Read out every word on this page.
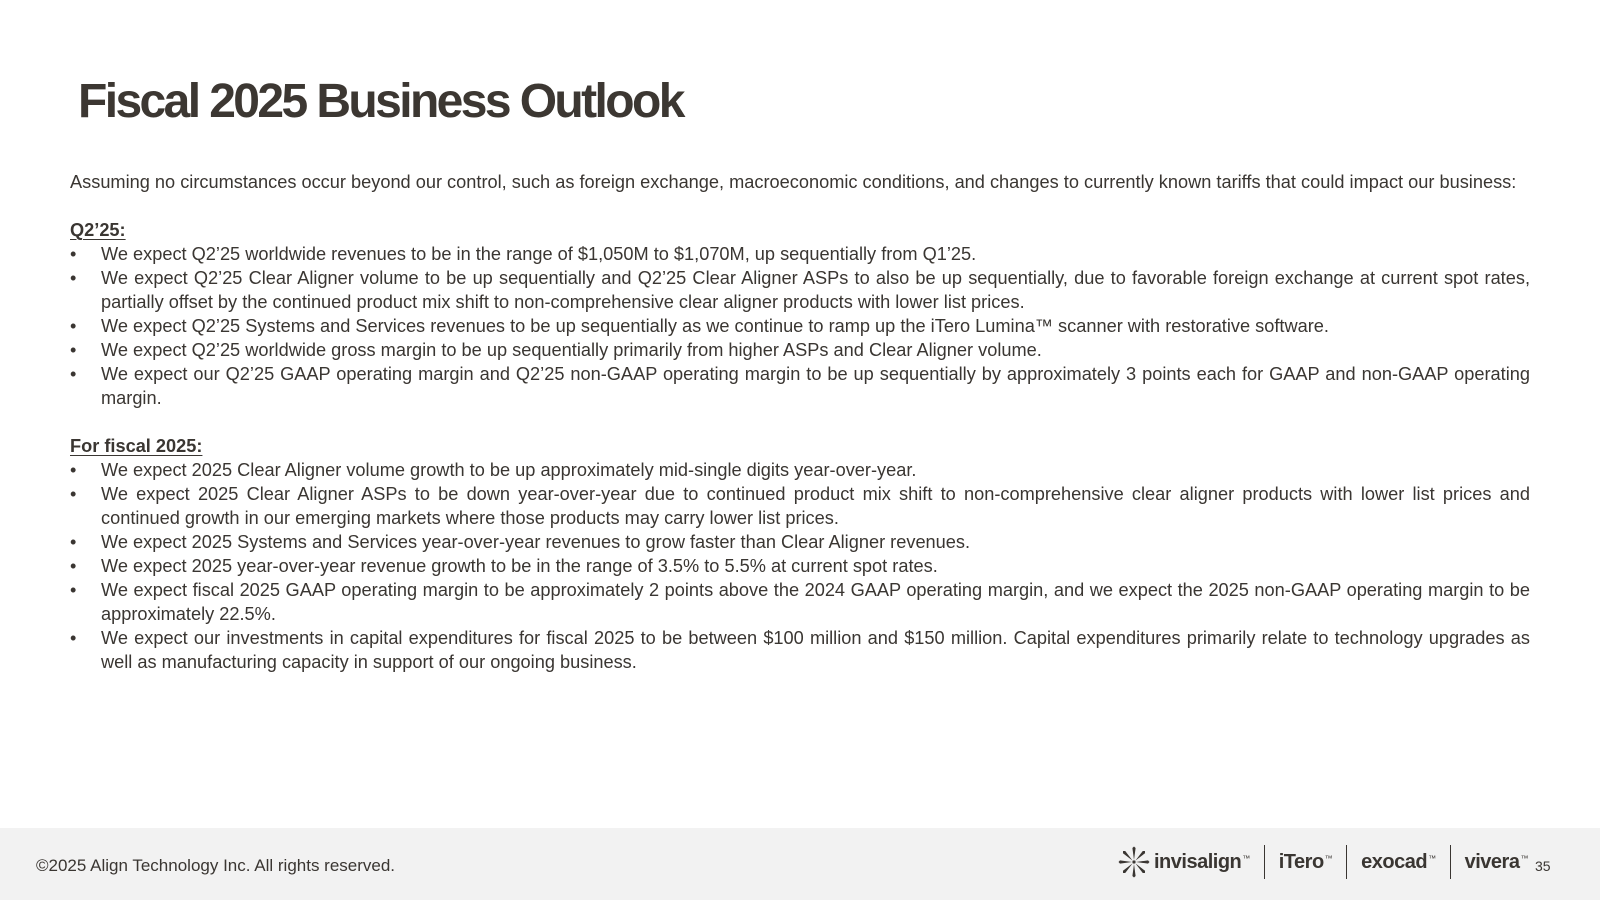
Fiscal 2025 Business Outlook

Assuming no circumstances occur beyond our control, such as foreign exchange, macroeconomic conditions, and changes to currently known tariffs that could impact our business:

Q2’25:
• We expect Q2’25 worldwide revenues to be in the range of $1,050M to $1,070M, up sequentially from Q1’25.
• We expect Q2’25 Clear Aligner volume to be up sequentially and Q2’25 Clear Aligner ASPs to also be up sequentially, due to favorable foreign exchange at current spot rates, partially offset by the continued product mix shift to non-comprehensive clear aligner products with lower list prices.
• We expect Q2’25 Systems and Services revenues to be up sequentially as we continue to ramp up the iTero Lumina™ scanner with restorative software.
• We expect Q2’25 worldwide gross margin to be up sequentially primarily from higher ASPs and Clear Aligner volume.
• We expect our Q2’25 GAAP operating margin and Q2’25 non-GAAP operating margin to be up sequentially by approximately 3 points each for GAAP and non-GAAP operating margin.
For fiscal 2025:
• We expect 2025 Clear Aligner volume growth to be up approximately mid-single digits year-over-year.
• We expect 2025 Clear Aligner ASPs to be down year-over-year due to continued product mix shift to non-comprehensive clear aligner products with lower list prices and continued growth in our emerging markets where those products may carry lower list prices.
• We expect 2025 Systems and Services year-over-year revenues to grow faster than Clear Aligner revenues.
• We expect 2025 year-over-year revenue growth to be in the range of 3.5% to 5.5% at current spot rates.
• We expect fiscal 2025 GAAP operating margin to be approximately 2 points above the 2024 GAAP operating margin, and we expect the 2025 non-GAAP operating margin to be approximately 22.5%.
• We expect our investments in capital expenditures for fiscal 2025 to be between $100 million and $150 million. Capital expenditures primarily relate to technology upgrades as well as manufacturing capacity in support of our ongoing business.
©2025 Align Technology Inc. All rights reserved.	invisalign™ iTero™ exocad™ vivera™ 35
